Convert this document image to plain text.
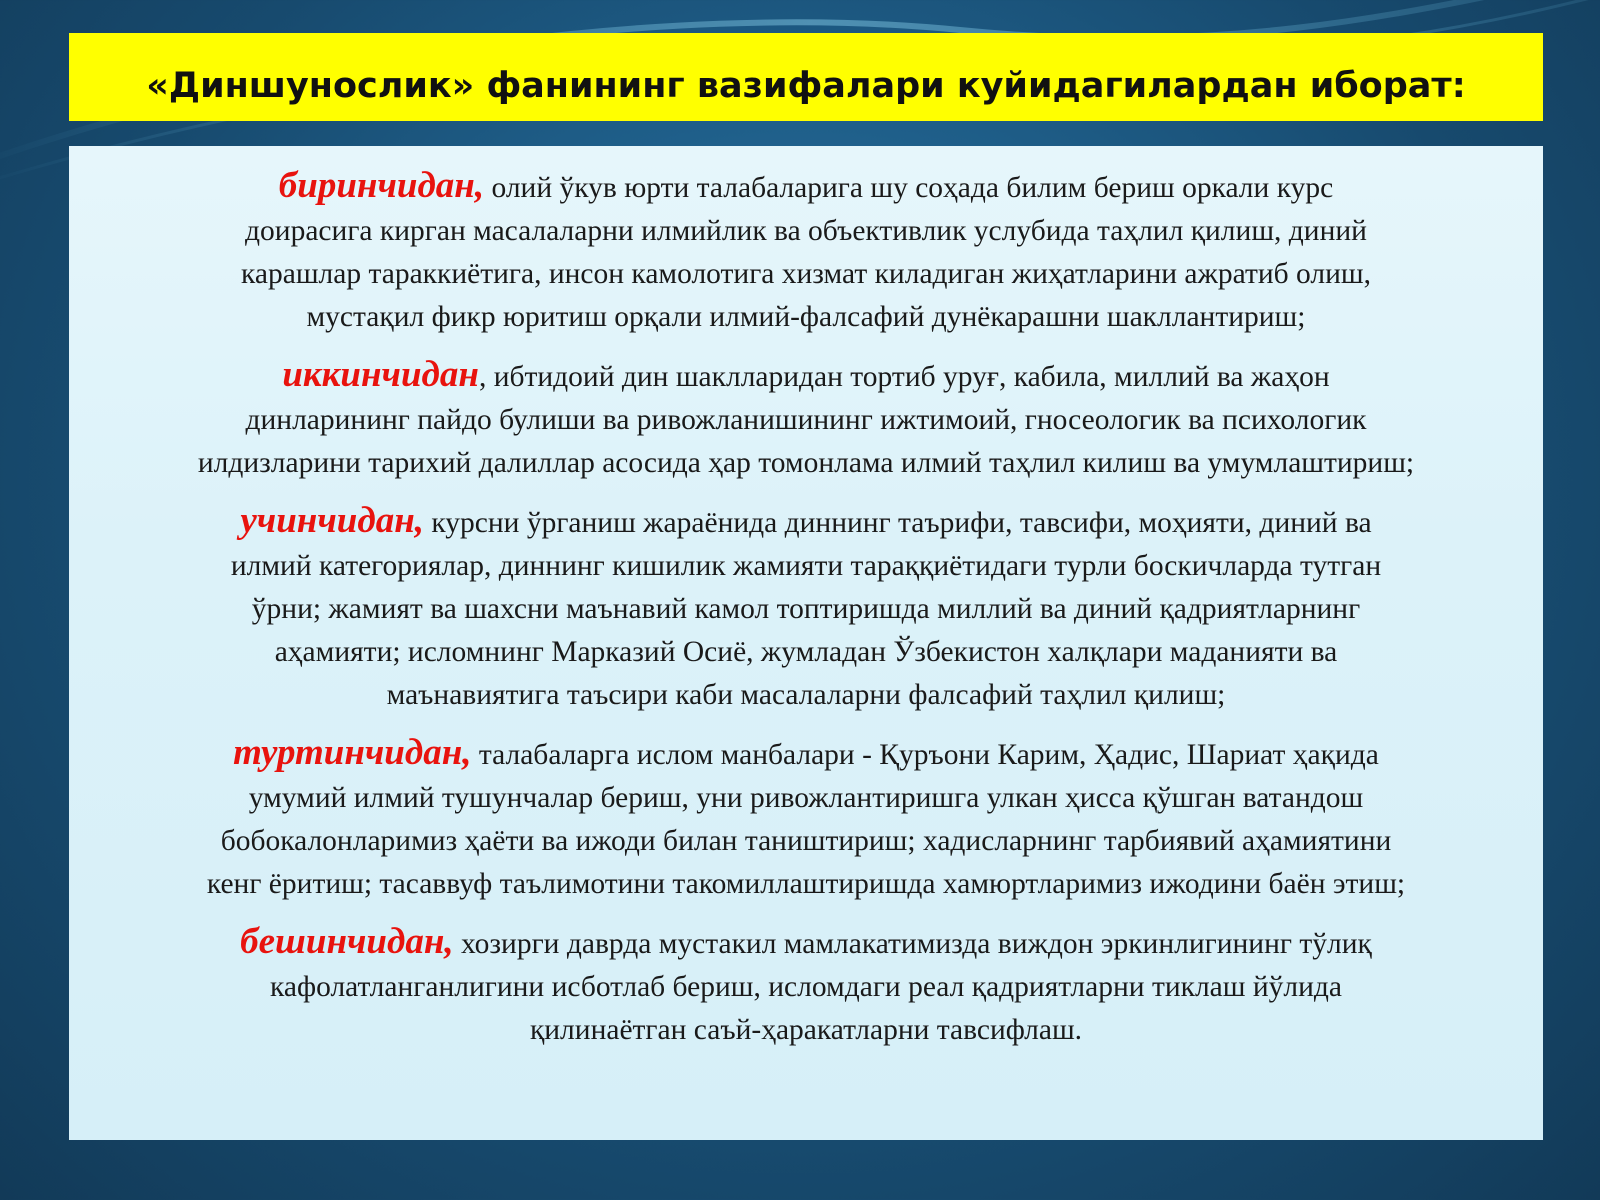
«Диншунослик» фанининг вазифалари куйидагилардан иборат:

биринчидан, олий ўкув юрти талабаларига шу соҳада билим бериш оркали курс
доирасига кирган масалаларни илмийлик ва объективлик услубида таҳлил қилиш, диний
карашлар тараккиётига, инсон камолотига хизмат киладиган жиҳатларини ажратиб олиш,
мустақил фикр юритиш орқали илмий-фалсафий дунёкарашни шакллантириш;

иккинчидан, ибтидоий дин шаклларидан тортиб уруғ, кабила, миллий ва жаҳон
динларининг пайдо булиши ва ривожланишининг ижтимоий, гносеологик ва психологик
илдизларини тарихий далиллар асосида ҳар томонлама илмий таҳлил килиш ва умумлаштириш;

учинчидан, курсни ўрганиш жараёнида диннинг таърифи, тавсифи, моҳияти, диний ва
илмий категориялар, диннинг кишилик жамияти тараққиётидаги турли боскичларда тутган
ўрни; жамият ва шахсни маънавий камол топтиришда миллий ва диний қадриятларнинг
аҳамияти; исломнинг Марказий Осиё, жумладан Ўзбекистон халқлари маданияти ва
маънавиятига таъсири каби масалаларни фалсафий таҳлил қилиш;

туртинчидан, талабаларга ислом манбалари - Қуръони Карим, Ҳадис, Шариат ҳақида
умумий илмий тушунчалар бериш, уни ривожлантиришга улкан ҳисса қўшган ватандош
бобокалонларимиз ҳаёти ва ижоди билан таништириш; хадисларнинг тарбиявий аҳамиятини
кенг ёритиш; тасаввуф таълимотини такомиллаштиришда хамюртларимиз ижодини баён этиш;

бешинчидан, хозирги даврда мустакил мамлакатимизда виждон эркинлигининг тўлиқ
кафолатланганлигини исботлаб бериш, исломдаги реал қадриятларни тиклаш йўлида
қилинаётган саъй-ҳаракатларни тавсифлаш.
